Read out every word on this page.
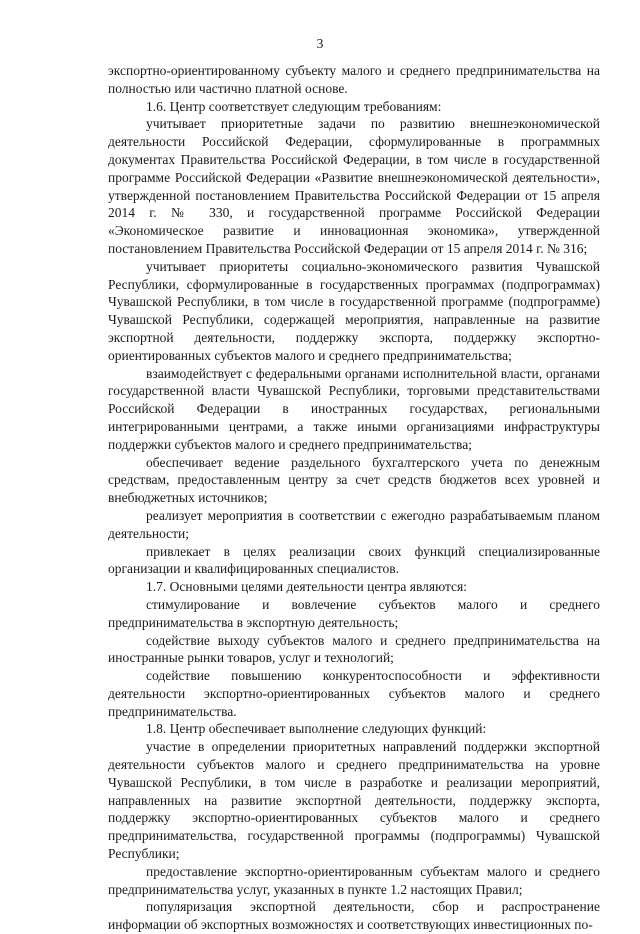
3

экспортно-ориентированному субъекту малого и среднего предпринимательства на полностью или частично платной основе.

1.6. Центр соответствует следующим требованиям:

учитывает приоритетные задачи по развитию внешнеэкономической деятельности Российской Федерации, сформулированные в программных документах Правительства Российской Федерации, в том числе в государственной программе Российской Федерации «Развитие внешнеэкономической деятельности», утвержденной постановлением Правительства Российской Федерации от 15 апреля 2014 г. № 330, и государственной программе Российской Федерации «Экономическое развитие и инновационная экономика», утвержденной постановлением Правительства Российской Федерации от 15 апреля 2014 г. № 316;

учитывает приоритеты социально-экономического развития Чувашской Республики, сформулированные в государственных программах (подпрограммах) Чувашской Республики, в том числе в государственной программе (подпрограмме) Чувашской Республики, содержащей мероприятия, направленные на развитие экспортной деятельности, поддержку экспорта, поддержку экспортно-ориентированных субъектов малого и среднего предпринимательства;

взаимодействует с федеральными органами исполнительной власти, органами государственной власти Чувашской Республики, торговыми представительствами Российской Федерации в иностранных государствах, региональными интегрированными центрами, а также иными организациями инфраструктуры поддержки субъектов малого и среднего предпринимательства;

обеспечивает ведение раздельного бухгалтерского учета по денежным средствам, предоставленным центру за счет средств бюджетов всех уровней и внебюджетных источников;

реализует мероприятия в соответствии с ежегодно разрабатываемым планом деятельности;

привлекает в целях реализации своих функций специализированные организации и квалифицированных специалистов.

1.7. Основными целями деятельности центра являются:

стимулирование и вовлечение субъектов малого и среднего предпринимательства в экспортную деятельность;

содействие выходу субъектов малого и среднего предпринимательства на иностранные рынки товаров, услуг и технологий;

содействие повышению конкурентоспособности и эффективности деятельности экспортно-ориентированных субъектов малого и среднего предпринимательства.

1.8. Центр обеспечивает выполнение следующих функций:

участие в определении приоритетных направлений поддержки экспортной деятельности субъектов малого и среднего предпринимательства на уровне Чувашской Республики, в том числе в разработке и реализации мероприятий, направленных на развитие экспортной деятельности, поддержку экспорта, поддержку экспортно-ориентированных субъектов малого и среднего предпринимательства, государственной программы (подпрограммы) Чувашской Республики;

предоставление экспортно-ориентированным субъектам малого и среднего предпринимательства услуг, указанных в пункте 1.2 настоящих Правил;

популяризация экспортной деятельности, сбор и распространение информации об экспортных возможностях и соответствующих инвестиционных по-
